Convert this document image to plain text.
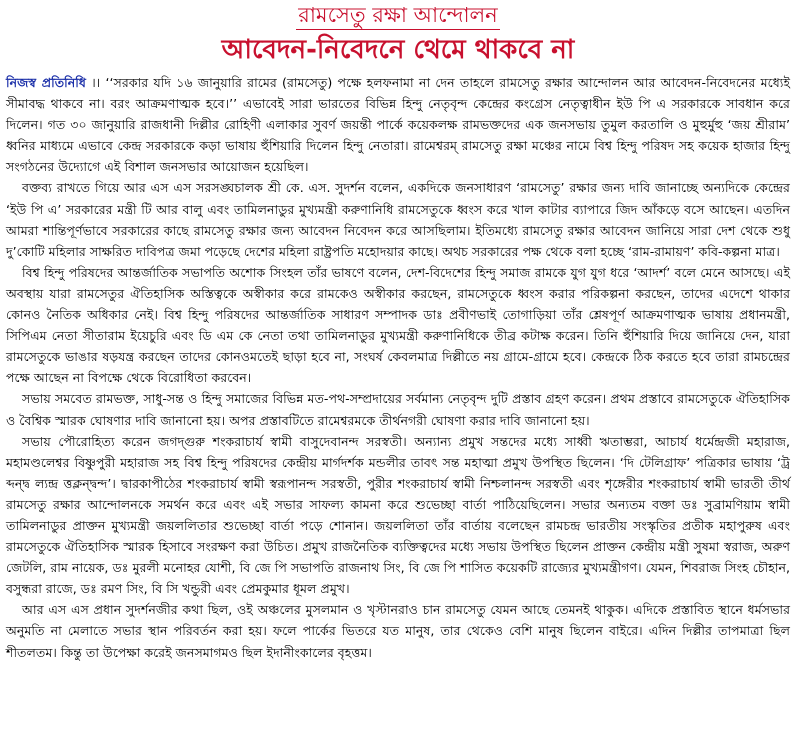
রামসেতু রক্ষা আন্দোলন
আবেদন-নিবেদনে থেমে থাকবে না

নিজস্ব প্রতিনিধি ।। ‘‘সরকার যদি ১৬ জানুয়ারি রামের (রামসেতু) পক্ষে হলফনামা না দেন তাহলে রামসেতু রক্ষার আন্দোলন আর আবেদন-নিবেদনের মধ্যেই সীমাবদ্ধ থাকবে না। বরং আক্রমণাত্মক হবে।’’ এভাবেই সারা ভারতের বিভিন্ন হিন্দু নেতৃবৃন্দ কেন্দ্রের কংগ্রেস নেতৃত্বাধীন ইউ পি এ সরকারকে সাবধান করে দিলেন। গত ৩০ জানুয়ারি রাজধানী দিল্লীর রোহিণী এলাকার সুবর্ণ জয়ন্তী পার্কে কয়েকলক্ষ রামভক্তদের এক জনসভায় তুমুল করতালি ও মুহুর্মুহু ‘জয় শ্রীরাম’ ধ্বনির মাধ্যমে এভাবে কেন্দ্র সরকারকে কড়া ভাষায় হুঁশিয়ারি দিলেন হিন্দু নেতারা। রামেশ্বরম্ রামসেতু রক্ষা মঞ্চের নামে বিশ্ব হিন্দু পরিষদ সহ কয়েক হাজার হিন্দু সংগঠনের উদ্যোগে এই বিশাল জনসভার আয়োজন হয়েছিল।

বক্তব্য রাখতে গিয়ে আর এস এস সরসঙ্ঘচালক শ্রী কে. এস. সুদর্শন বলেন, একদিকে জনসাধারণ ‘রামসেতু’ রক্ষার জন্য দাবি জানাচ্ছে অন্যদিকে কেন্দ্রের ‘ইউ পি এ’ সরকারের মন্ত্রী টি আর বালু এবং তামিলনাডুর মুখ্যমন্ত্রী করুণানিধি রামসেতুকে ধ্বংস করে খাল কাটার ব্যাপারে জিদ আঁকড়ে বসে আছেন। এতদিন আমরা শান্তিপূর্ণভাবে সরকারের কাছে রামসেতু রক্ষার জন্য আবেদন নিবেদন করে আসছিলাম। ইতিমধ্যে রামসেতু রক্ষার আবেদন জানিয়ে সারা দেশ থেকে শুধু দু’কোটি মহিলার সাক্ষরিত দাবিপত্র জমা পড়েছে দেশের মহিলা রাষ্ট্রপতি মহোদয়ার কাছে। অথচ সরকারের পক্ষ থেকে বলা হচ্ছে ‘রাম-রামায়ণ’ কবি-কল্পনা মাত্র।

বিশ্ব হিন্দু পরিষদের আন্তর্জাতিক সভাপতি অশোক সিংহল তাঁর ভাষণে বলেন, দেশ-বিদেশের হিন্দু সমাজ রামকে যুগ যুগ ধরে ‘আদর্শ’ বলে মেনে আসছে। এই অবস্থায় যারা রামসেতুর ঐতিহাসিক অস্তিত্বকে অস্বীকার করে রামকেও অস্বীকার করছেন, রামসেতুকে ধ্বংস করার পরিকল্পনা করছেন, তাদের এদেশে থাকার কোনও নৈতিক অধিকার নেই। বিশ্ব হিন্দু পরিষদের আন্তর্জাতিক সাধারণ সম্পাদক ডাঃ প্রবীণভাই তোগাড়িয়া তাঁর শ্লেষপূর্ণ আক্রমণাত্মক ভাষায় প্রধানমন্ত্রী, সিপিএম নেতা সীতারাম ইয়েচুরি এবং ডি এম কে নেতা তথা তামিলনাডুর মুখ্যমন্ত্রী করুণানিধিকে তীব্র কটাক্ষ করেন। তিনি হুঁশিয়ারি দিয়ে জানিয়ে দেন, যারা রামসেতুকে ভাঙার ষড়যন্ত্র করছেন তাদের কোনওমতেই ছাড়া হবে না, সংঘর্ষ কেবলমাত্র দিল্লীতে নয় গ্রামে-গ্রামে হবে। কেন্দ্রকে ঠিক করতে হবে তারা রামচন্দ্রের পক্ষে আছেন না বিপক্ষে থেকে বিরোধিতা করবেন।

সভায় সমবেত রামভক্ত, সাধু-সন্ত ও হিন্দু সমাজের বিভিন্ন মত-পথ-সম্প্রদায়ের সর্বমান্য নেতৃবৃন্দ দুটি প্রস্তাব গ্রহণ করেন। প্রথম প্রস্তাবে রামসেতুকে ঐতিহাসিক ও বৈশ্বিক স্মারক ঘোষণার দাবি জানানো হয়। অপর প্রস্তাবটিতে রামেশ্বরমকে তীর্থনগরী ঘোষণা করার দাবি জানানো হয়।

সভায় পৌরোহিত্য করেন জগদ্গুরু শংকরাচার্য স্বামী বাসুদেবানন্দ সরস্বতী। অন্যান্য প্রমুখ সন্তদের মধ্যে সাধ্বী ঋতাম্ভরা, আচার্য ধর্মেন্দ্রজী মহারাজ, মহামণ্ডলেশ্বর বিষ্ণুপুরী মহারাজ সহ বিশ্ব হিন্দু পরিষদের কেন্দ্রীয় মার্গদর্শক মন্ডলীর তাবৎ সন্ত মহাত্মা প্রমুখ উপস্থিত ছিলেন। ‘দি টেলিগ্রাফ’ পত্রিকার ভাষায় ‘ট্র ব্দন্দ্ব ল্যন্দ্র ত্তক্লন্দ্বন্দ’। দ্বারকাপীঠের শংকরাচার্য স্বামী স্বরূপানন্দ সরস্বতী, পুরীর শংকরাচার্য স্বামী নিশ্চলানন্দ সরস্বতী এবং শৃঙ্গেরীর শংকরাচার্য স্বামী ভারতী তীর্থ রামসেতু রক্ষার আন্দোলনকে সমর্থন করে এবং এই সভার সাফল্য কামনা করে শুভেচ্ছা বার্তা পাঠিয়েছিলেন। সভার অন্যতম বক্তা ডঃ সুব্রামণিয়াম স্বামী তামিলনাডুর প্রাক্তন মুখ্যমন্ত্রী জয়ললিতার শুভেচ্ছা বার্তা পড়ে শোনান। জয়ললিতা তাঁর বার্তায় বলেছেন রামচন্দ্র ভারতীয় সংস্কৃতির প্রতীক মহাপুরুষ এবং রামসেতুকে ঐতিহাসিক স্মারক হিসাবে সংরক্ষণ করা উচিত। প্রমুখ রাজনৈতিক ব্যক্তিত্বদের মধ্যে সভায় উপস্থিত ছিলেন প্রাক্তন কেন্দ্রীয় মন্ত্রী সুষমা স্বরাজ, অরুণ জেটলি, রাম নায়েক, ডঃ মুরলী মনোহর যোশী, বি জে পি সভাপতি রাজনাথ সিং, বি জে পি শাসিত কয়েকটি রাজ্যের মুখ্যমন্ত্রীগণ। যেমন, শিবরাজ সিংহ চৌহান, বসুন্ধরা রাজে, ডঃ রমণ সিং, বি সি খন্ডুরী এবং প্রেমকুমার ধূমল প্রমুখ।

আর এস এস প্রধান সুদর্শনজীর কথা ছিল, ওই অঞ্চলের মুসলমান ও খৃস্টানরাও চান রামসেতু যেমন আছে তেমনই থাকুক। এদিকে প্রস্তাবিত স্থানে ধর্মসভার অনুমতি না মেলাতে সভার স্থান পরিবর্তন করা হয়। ফলে পার্কের ভিতরে যত মানুষ, তার থেকেও বেশি মানুষ ছিলেন বাইরে। এদিন দিল্লীর তাপমাত্রা ছিল শীতলতম। কিন্তু তা উপেক্ষা করেই জনসমাগমও ছিল ইদানীংকালের বৃহত্তম।
